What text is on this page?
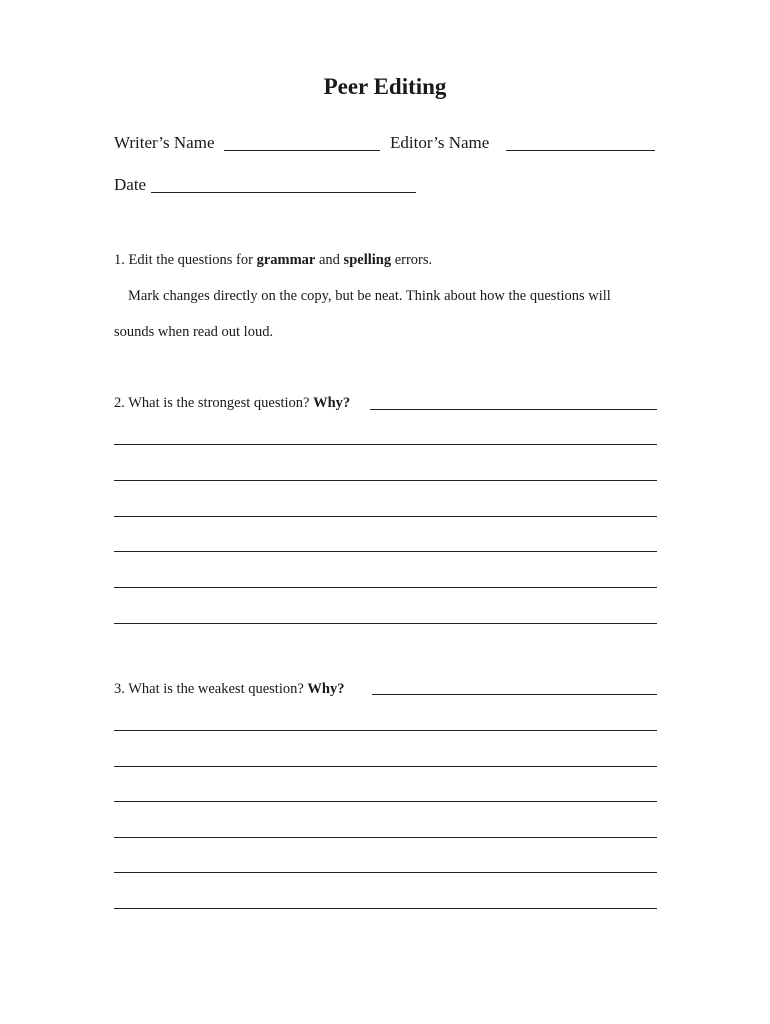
Peer Editing
Writer’s Name	Editor’s Name
Date
1. Edit the questions for grammar and spelling errors.
Mark changes directly on the copy, but be neat. Think about how the questions will
sounds when read out loud.
2. What is the strongest question? Why?
3. What is the weakest question? Why?
